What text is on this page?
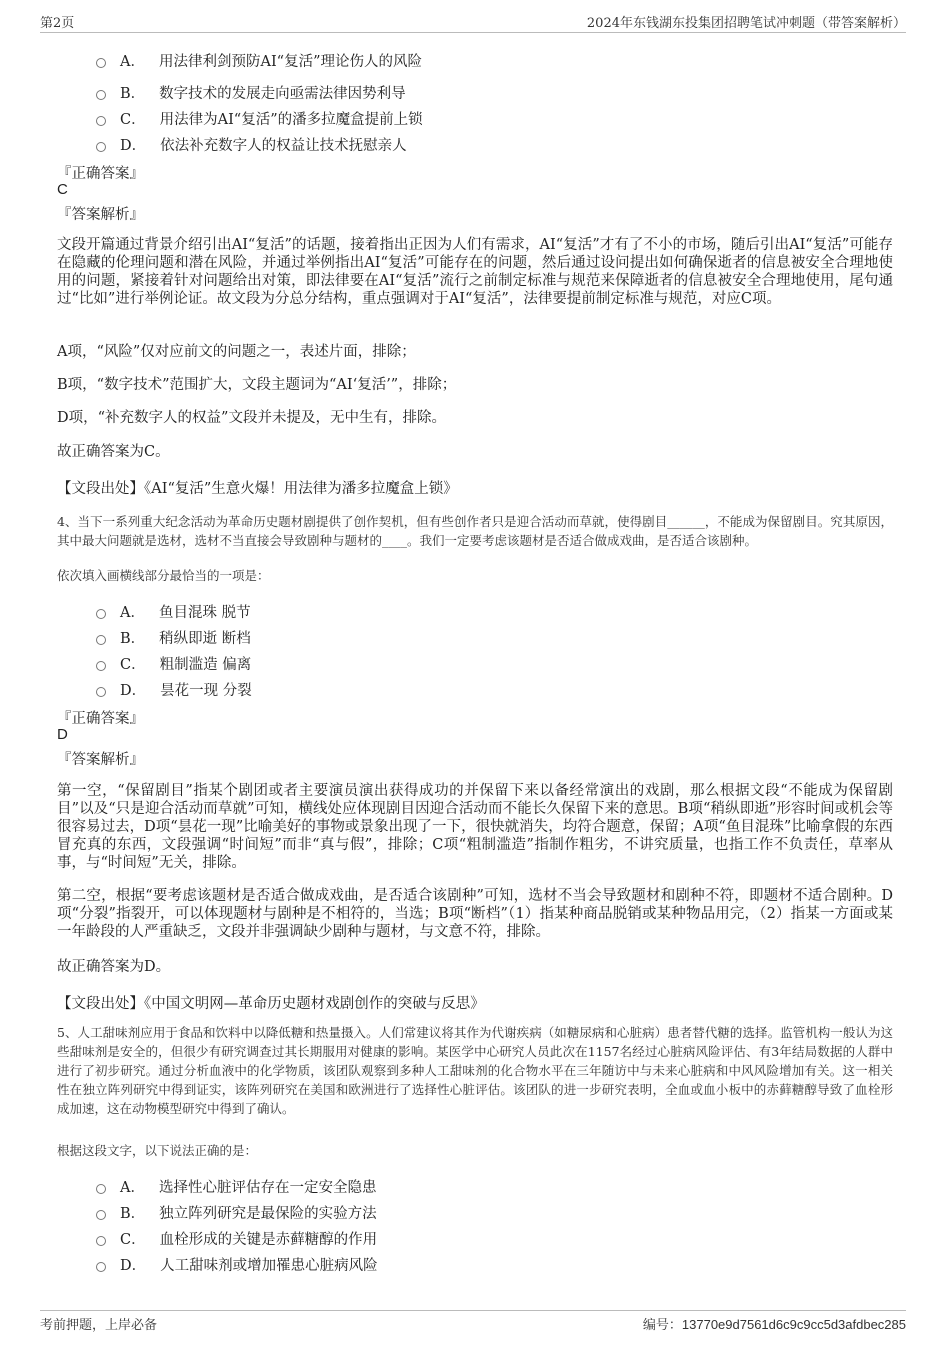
第2页	2024年东钱湖东投集团招聘笔试冲刺题（带答案解析）
A． 用法律利剑预防AI“复活”理论伤人的风险
B． 数字技术的发展走向亟需法律因势利导
C． 用法律为AI“复活”的潘多拉魔盒提前上锁
D． 依法补充数字人的权益让技术抚慰亲人
『正确答案』
C
『答案解析』
文段开篇通过背景介绍引出AI“复活”的话题，接着指出正因为人们有需求，AI“复活”才有了不小的市场，随后引出AI“复活”可能存在隐藏的伦理问题和潜在风险，并通过举例指出AI“复活”可能存在的问题，然后通过设问提出如何确保逝者的信息被安全合理地使用的问题，紧接着针对问题给出对策，即法律要在AI“复活”流行之前制定标准与规范来保障逝者的信息被安全合理地使用，尾句通过“比如”进行举例论证。故文段为分总分结构，重点强调对于AI“复活”，法律要提前制定标准与规范，对应C项。
A项，“风险”仅对应前文的问题之一，表述片面，排除；
B项，“数字技术”范围扩大，文段主题词为“AI‘复活’”，排除；
D项，“补充数字人的权益”文段并未提及，无中生有，排除。
故正确答案为C。
【文段出处】《AI“复活”生意火爆！用法律为潘多拉魔盒上锁》
4、当下一系列重大纪念活动为革命历史题材剧提供了创作契机，但有些创作者只是迎合活动而草就，使得剧目______，不能成为保留剧目。究其原因，其中最大问题就是选材，选材不当直接会导致剧种与题材的____。我们一定要考虑该题材是否适合做成戏曲，是否适合该剧种。
依次填入画横线部分最恰当的一项是：
A． 鱼目混珠 脱节
B． 稍纵即逝 断档
C． 粗制滥造 偏离
D． 昙花一现 分裂
『正确答案』
D
『答案解析』
第一空，“保留剧目”指某个剧团或者主要演员演出获得成功的并保留下来以备经常演出的戏剧，那么根据文段“不能成为保留剧目”以及“只是迎合活动而草就”可知，横线处应体现剧目因迎合活动而不能长久保留下来的意思。B项“稍纵即逝”形容时间或机会等很容易过去，D项“昙花一现”比喻美好的事物或景象出现了一下，很快就消失，均符合题意，保留；A项“鱼目混珠”比喻拿假的东西冒充真的东西，文段强调“时间短”而非“真与假”，排除；C项“粗制滥造”指制作粗劣，不讲究质量，也指工作不负责任，草率从事，与“时间短”无关，排除。
第二空，根据“要考虑该题材是否适合做成戏曲，是否适合该剧种”可知，选材不当会导致题材和剧种不符，即题材不适合剧种。D项“分裂”指裂开，可以体现题材与剧种是不相符的，当选；B项“断档”（1）指某种商品脱销或某种物品用完，（2）指某一方面或某一年龄段的人严重缺乏，文段并非强调缺少剧种与题材，与文意不符，排除。
故正确答案为D。
【文段出处】《中国文明网—革命历史题材戏剧创作的突破与反思》
5、人工甜味剂应用于食品和饮料中以降低糖和热量摄入。人们常建议将其作为代谢疾病（如糖尿病和心脏病）患者替代糖的选择。监管机构一般认为这些甜味剂是安全的，但很少有研究调查过其长期服用对健康的影响。某医学中心研究人员此次在1157名经过心脏病风险评估、有3年结局数据的人群中进行了初步研究。通过分析血液中的化学物质，该团队观察到多种人工甜味剂的化合物水平在三年随访中与未来心脏病和中风风险增加有关。这一相关性在独立阵列研究中得到证实，该阵列研究在美国和欧洲进行了选择性心脏评估。该团队的进一步研究表明，全血或血小板中的赤藓糖醇导致了血栓形成加速，这在动物模型研究中得到了确认。
根据这段文字，以下说法正确的是：
A． 选择性心脏评估存在一定安全隐患
B． 独立阵列研究是最保险的实验方法
C． 血栓形成的关键是赤藓糖醇的作用
D． 人工甜味剂或增加罹患心脏病风险
考前押题，上岸必备	编号：13770e9d7561d6c9c9cc5d3afdbec285
